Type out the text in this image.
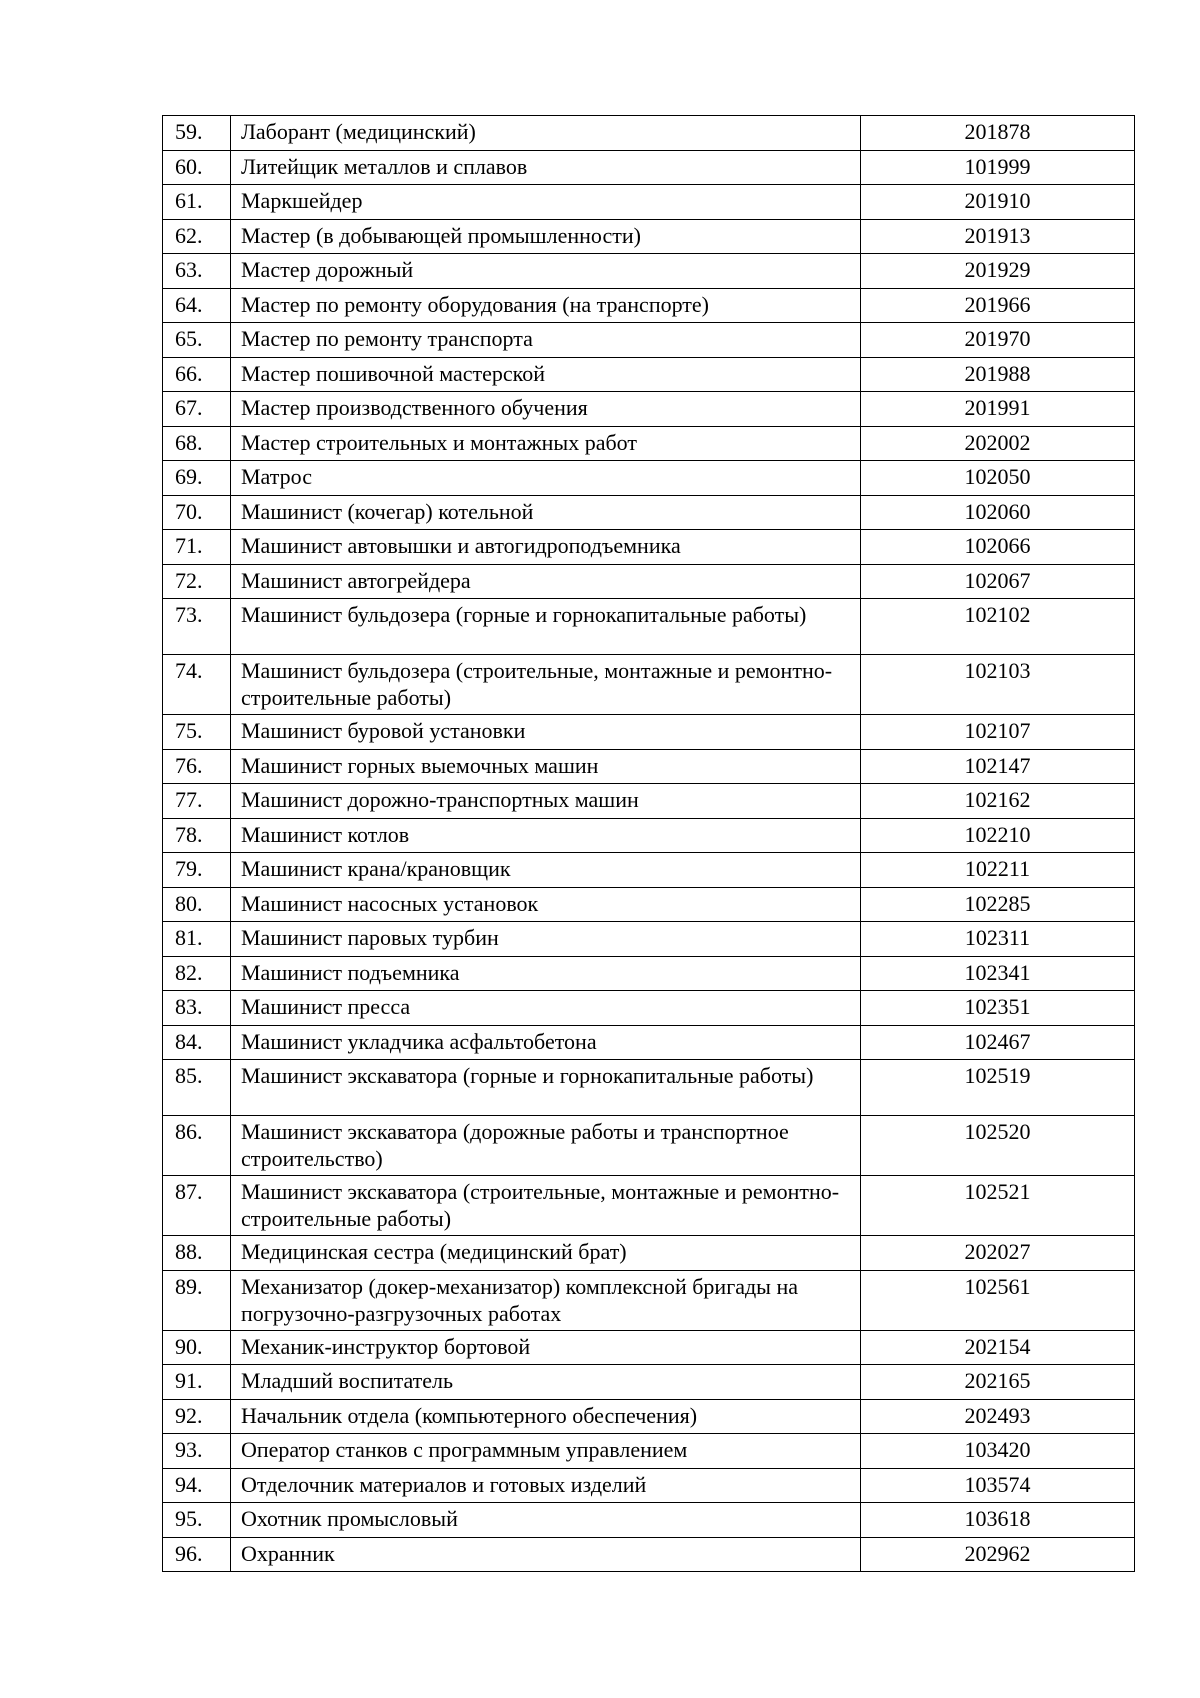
59.	Лаборант (медицинский)	201878
60.	Литейщик металлов и сплавов	101999
61.	Маркшейдер	201910
62.	Мастер (в добывающей промышленности)	201913
63.	Мастер дорожный	201929
64.	Мастер по ремонту оборудования (на транспорте)	201966
65.	Мастер по ремонту транспорта	201970
66.	Мастер пошивочной мастерской	201988
67.	Мастер производственного обучения	201991
68.	Мастер строительных и монтажных работ	202002
69.	Матрос	102050
70.	Машинист (кочегар) котельной	102060
71.	Машинист автовышки и автогидроподъемника	102066
72.	Машинист автогрейдера	102067
73.	Машинист бульдозера (горные и горнокапитальные работы)	102102
74.	Машинист бульдозера (строительные, монтажные и ремонтно-строительные работы)	102103
75.	Машинист буровой установки	102107
76.	Машинист горных выемочных машин	102147
77.	Машинист дорожно-транспортных машин	102162
78.	Машинист котлов	102210
79.	Машинист крана/крановщик	102211
80.	Машинист насосных установок	102285
81.	Машинист паровых турбин	102311
82.	Машинист подъемника	102341
83.	Машинист пресса	102351
84.	Машинист укладчика асфальтобетона	102467
85.	Машинист экскаватора (горные и горнокапитальные работы)	102519
86.	Машинист экскаватора (дорожные работы и транспортное строительство)	102520
87.	Машинист экскаватора (строительные, монтажные и ремонтно-строительные работы)	102521
88.	Медицинская сестра (медицинский брат)	202027
89.	Механизатор (докер-механизатор) комплексной бригады на погрузочно-разгрузочных работах	102561
90.	Механик-инструктор бортовой	202154
91.	Младший воспитатель	202165
92.	Начальник отдела (компьютерного обеспечения)	202493
93.	Оператор станков с программным управлением	103420
94.	Отделочник материалов и готовых изделий	103574
95.	Охотник промысловый	103618
96.	Охранник	202962
